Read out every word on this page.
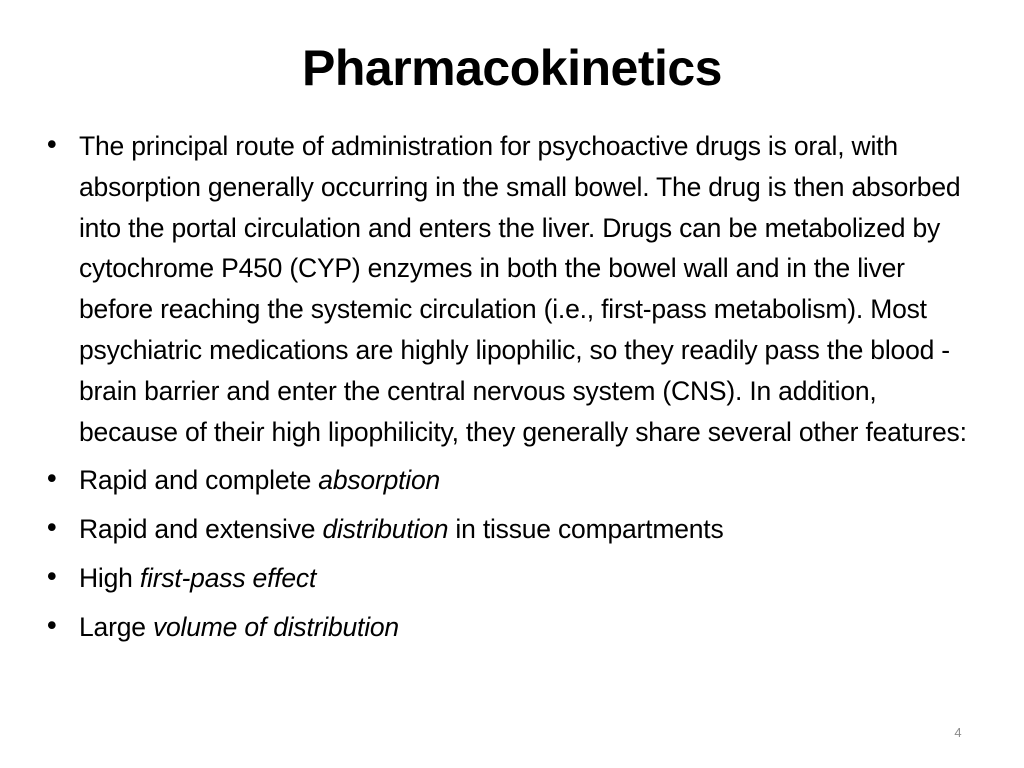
Pharmacokinetics
• The principal route of administration for psychoactive drugs is oral, with absorption generally occurring in the small bowel. The drug is then absorbed into the portal circulation and enters the liver. Drugs can be metabolized by cytochrome P450 (CYP) enzymes in both the bowel wall and in the liver before reaching the systemic circulation (i.e., first-pass metabolism). Most psychiatric medications are highly lipophilic, so they readily pass the blood - brain barrier and enter the central nervous system (CNS). In addition, because of their high lipophilicity, they generally share several other features:
• Rapid and complete absorption
• Rapid and extensive distribution in tissue compartments
• High first-pass effect
• Large volume of distribution
4
